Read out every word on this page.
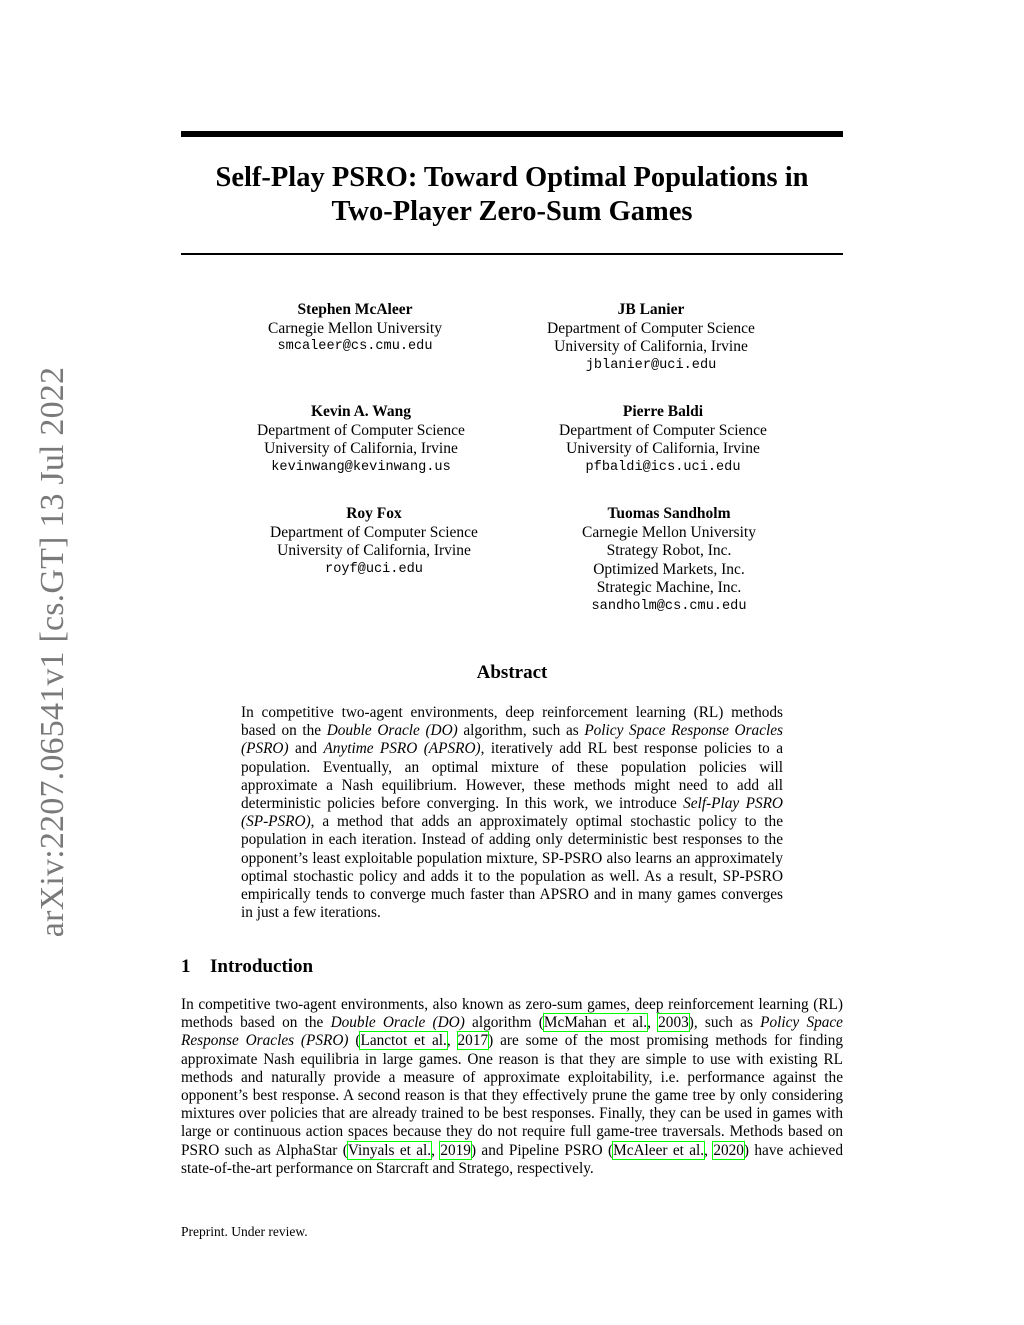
arXiv:2207.06541v1 [cs.GT] 13 Jul 2022
Self-Play PSRO: Toward Optimal Populations in
Two-Player Zero-Sum Games
Stephen McAleer
Carnegie Mellon University
smcaleer@cs.cmu.edu
JB Lanier
Department of Computer Science
University of California, Irvine
jblanier@uci.edu
Kevin A. Wang
Department of Computer Science
University of California, Irvine
kevinwang@kevinwang.us
Pierre Baldi
Department of Computer Science
University of California, Irvine
pfbaldi@ics.uci.edu
Roy Fox
Department of Computer Science
University of California, Irvine
royf@uci.edu
Tuomas Sandholm
Carnegie Mellon University
Strategy Robot, Inc.
Optimized Markets, Inc.
Strategic Machine, Inc.
sandholm@cs.cmu.edu
Abstract
In competitive two-agent environments, deep reinforcement learning (RL) methods based on the Double Oracle (DO) algorithm, such as Policy Space Response Oracles (PSRO) and Anytime PSRO (APSRO), iteratively add RL best response policies to a population. Eventually, an optimal mixture of these population policies will approximate a Nash equilibrium. However, these methods might need to add all deterministic policies before converging. In this work, we introduce Self-Play PSRO (SP-PSRO), a method that adds an approximately optimal stochastic policy to the population in each iteration. Instead of adding only deterministic best responses to the opponent’s least exploitable population mixture, SP-PSRO also learns an approximately optimal stochastic policy and adds it to the population as well. As a result, SP-PSRO empirically tends to converge much faster than APSRO and in many games converges in just a few iterations.
1 Introduction
In competitive two-agent environments, also known as zero-sum games, deep reinforcement learning (RL) methods based on the Double Oracle (DO) algorithm (McMahan et al., 2003), such as Policy Space Response Oracles (PSRO) (Lanctot et al., 2017) are some of the most promising methods for finding approximate Nash equilibria in large games. One reason is that they are simple to use with existing RL methods and naturally provide a measure of approximate exploitability, i.e. performance against the opponent’s best response. A second reason is that they effectively prune the game tree by only considering mixtures over policies that are already trained to be best responses. Finally, they can be used in games with large or continuous action spaces because they do not require full game-tree traversals. Methods based on PSRO such as AlphaStar (Vinyals et al., 2019) and Pipeline PSRO (McAleer et al., 2020) have achieved state-of-the-art performance on Starcraft and Stratego, respectively.
Preprint. Under review.
